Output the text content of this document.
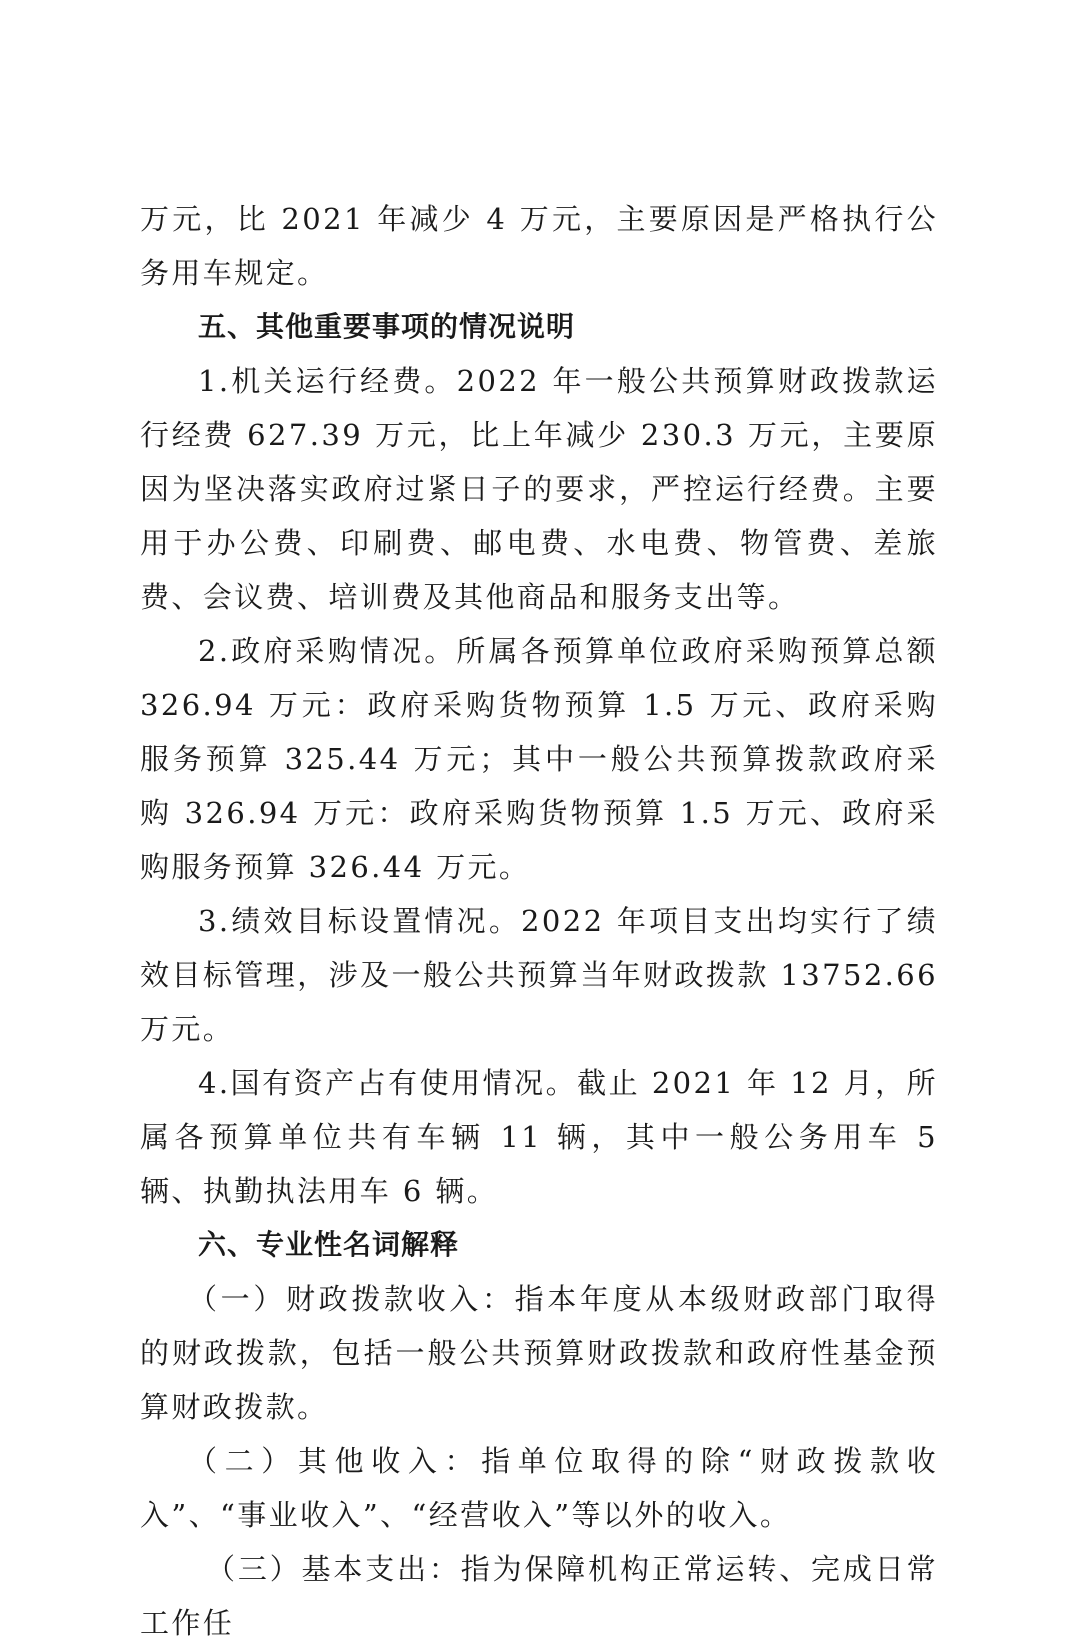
万元，比 2021 年减少 4 万元，主要原因是严格执行公务用车规定。

五、其他重要事项的情况说明

1.机关运行经费。2022 年一般公共预算财政拨款运行经费 627.39 万元，比上年减少 230.3 万元，主要原因为坚决落实政府过紧日子的要求，严控运行经费。主要用于办公费、印刷费、邮电费、水电费、物管费、差旅费、会议费、培训费及其他商品和服务支出等。

2.政府采购情况。所属各预算单位政府采购预算总额 326.94 万元：政府采购货物预算 1.5 万元、政府采购服务预算 325.44 万元；其中一般公共预算拨款政府采购 326.94 万元：政府采购货物预算 1.5 万元、政府采购服务预算 326.44 万元。

3.绩效目标设置情况。2022 年项目支出均实行了绩效目标管理，涉及一般公共预算当年财政拨款 13752.66 万元。

4.国有资产占有使用情况。截止 2021 年 12 月，所属各预算单位共有车辆 11 辆，其中一般公务用车 5 辆、执勤执法用车 6 辆。

六、专业性名词解释

（一）财政拨款收入：指本年度从本级财政部门取得的财政拨款，包括一般公共预算财政拨款和政府性基金预算财政拨款。

（二）其他收入：指单位取得的除“财政拨款收入”、“事业收入”、“经营收入”等以外的收入。

（三）基本支出：指为保障机构正常运转、完成日常工作任
